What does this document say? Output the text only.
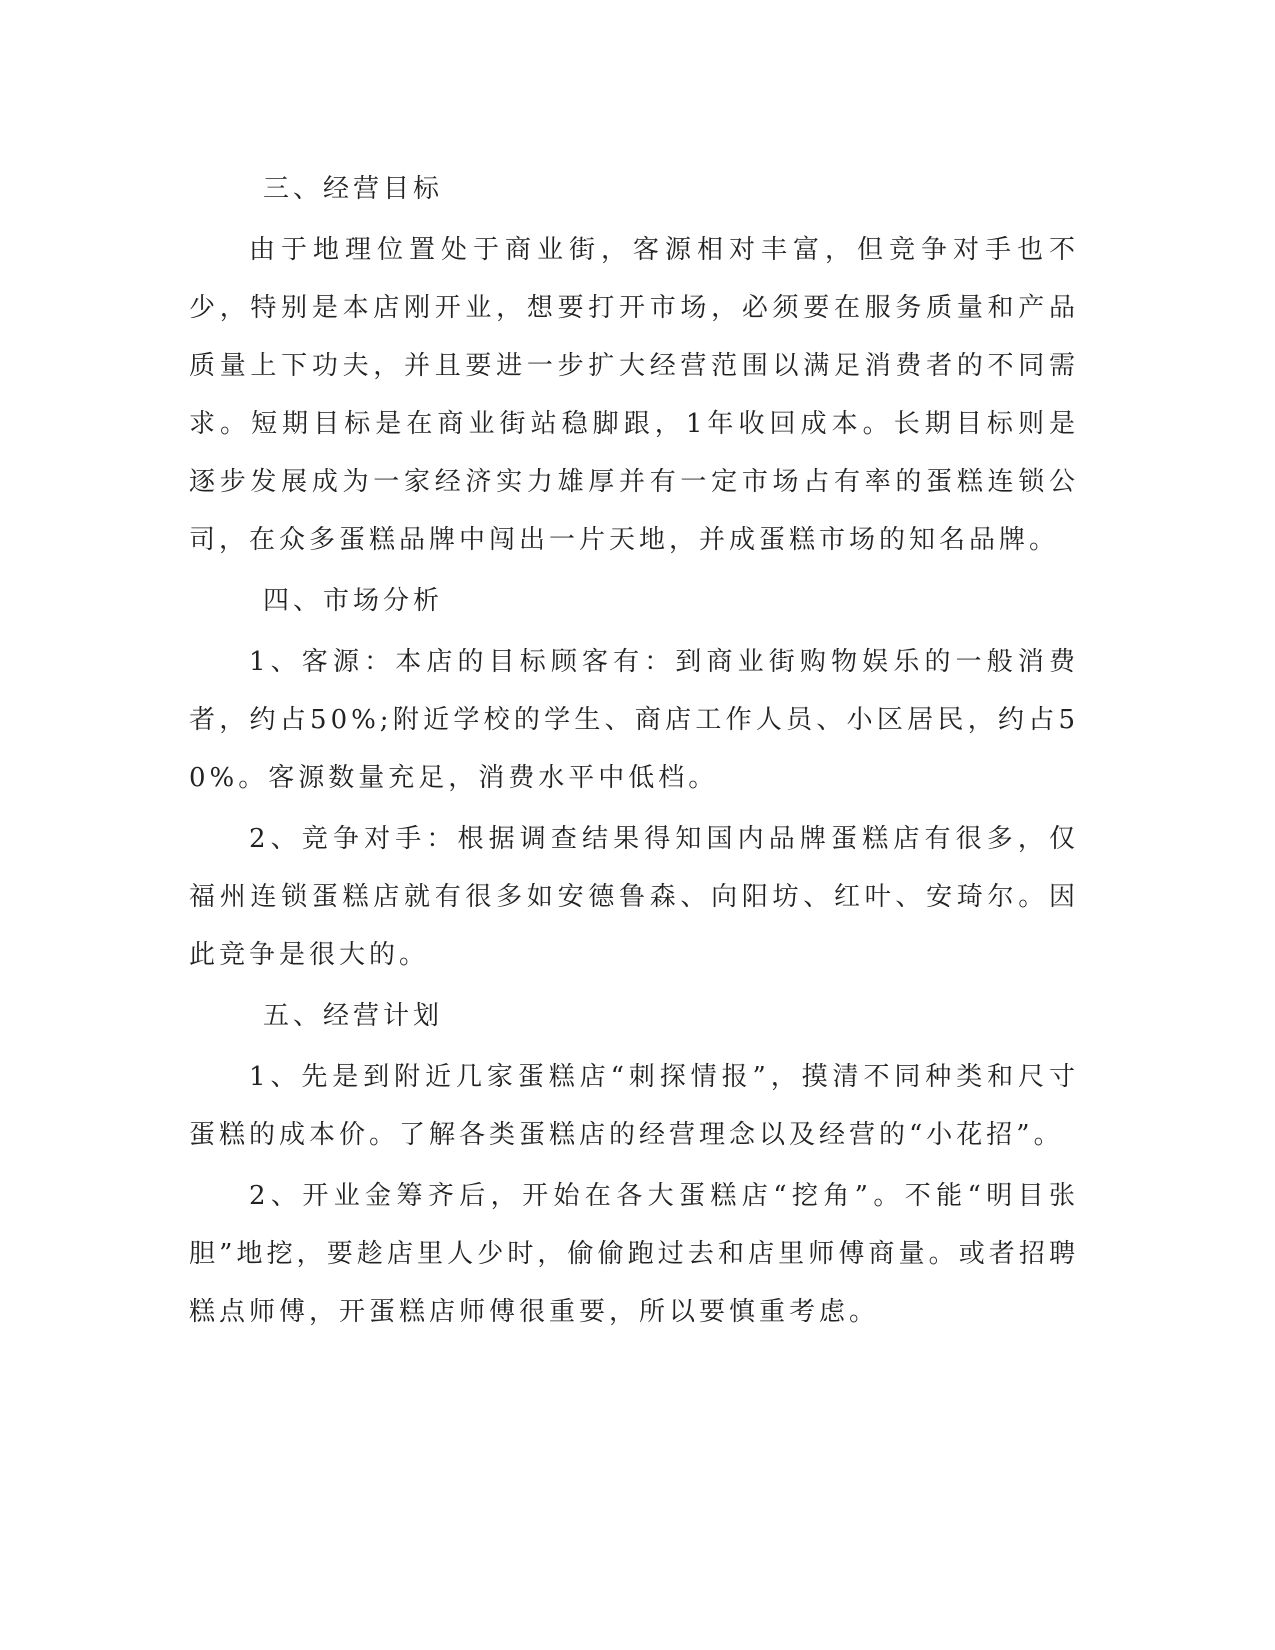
三、经营目标

由于地理位置处于商业街，客源相对丰富，但竞争对手也不少，特别是本店刚开业，想要打开市场，必须要在服务质量和产品质量上下功夫，并且要进一步扩大经营范围以满足消费者的不同需求。短期目标是在商业街站稳脚跟，1年收回成本。长期目标则是逐步发展成为一家经济实力雄厚并有一定市场占有率的蛋糕连锁公司，在众多蛋糕品牌中闯出一片天地，并成蛋糕市场的知名品牌。

四、市场分析

1、客源：本店的目标顾客有：到商业街购物娱乐的一般消费者，约占50%;附近学校的学生、商店工作人员、小区居民，约占50%。客源数量充足，消费水平中低档。

2、竞争对手：根据调查结果得知国内品牌蛋糕店有很多，仅福州连锁蛋糕店就有很多如安德鲁森、向阳坊、红叶、安琦尔。因此竞争是很大的。

五、经营计划

1、先是到附近几家蛋糕店“刺探情报”，摸清不同种类和尺寸蛋糕的成本价。了解各类蛋糕店的经营理念以及经营的“小花招”。

2、开业金筹齐后，开始在各大蛋糕店“挖角”。不能“明目张胆”地挖，要趁店里人少时，偷偷跑过去和店里师傅商量。或者招聘糕点师傅，开蛋糕店师傅很重要，所以要慎重考虑。
